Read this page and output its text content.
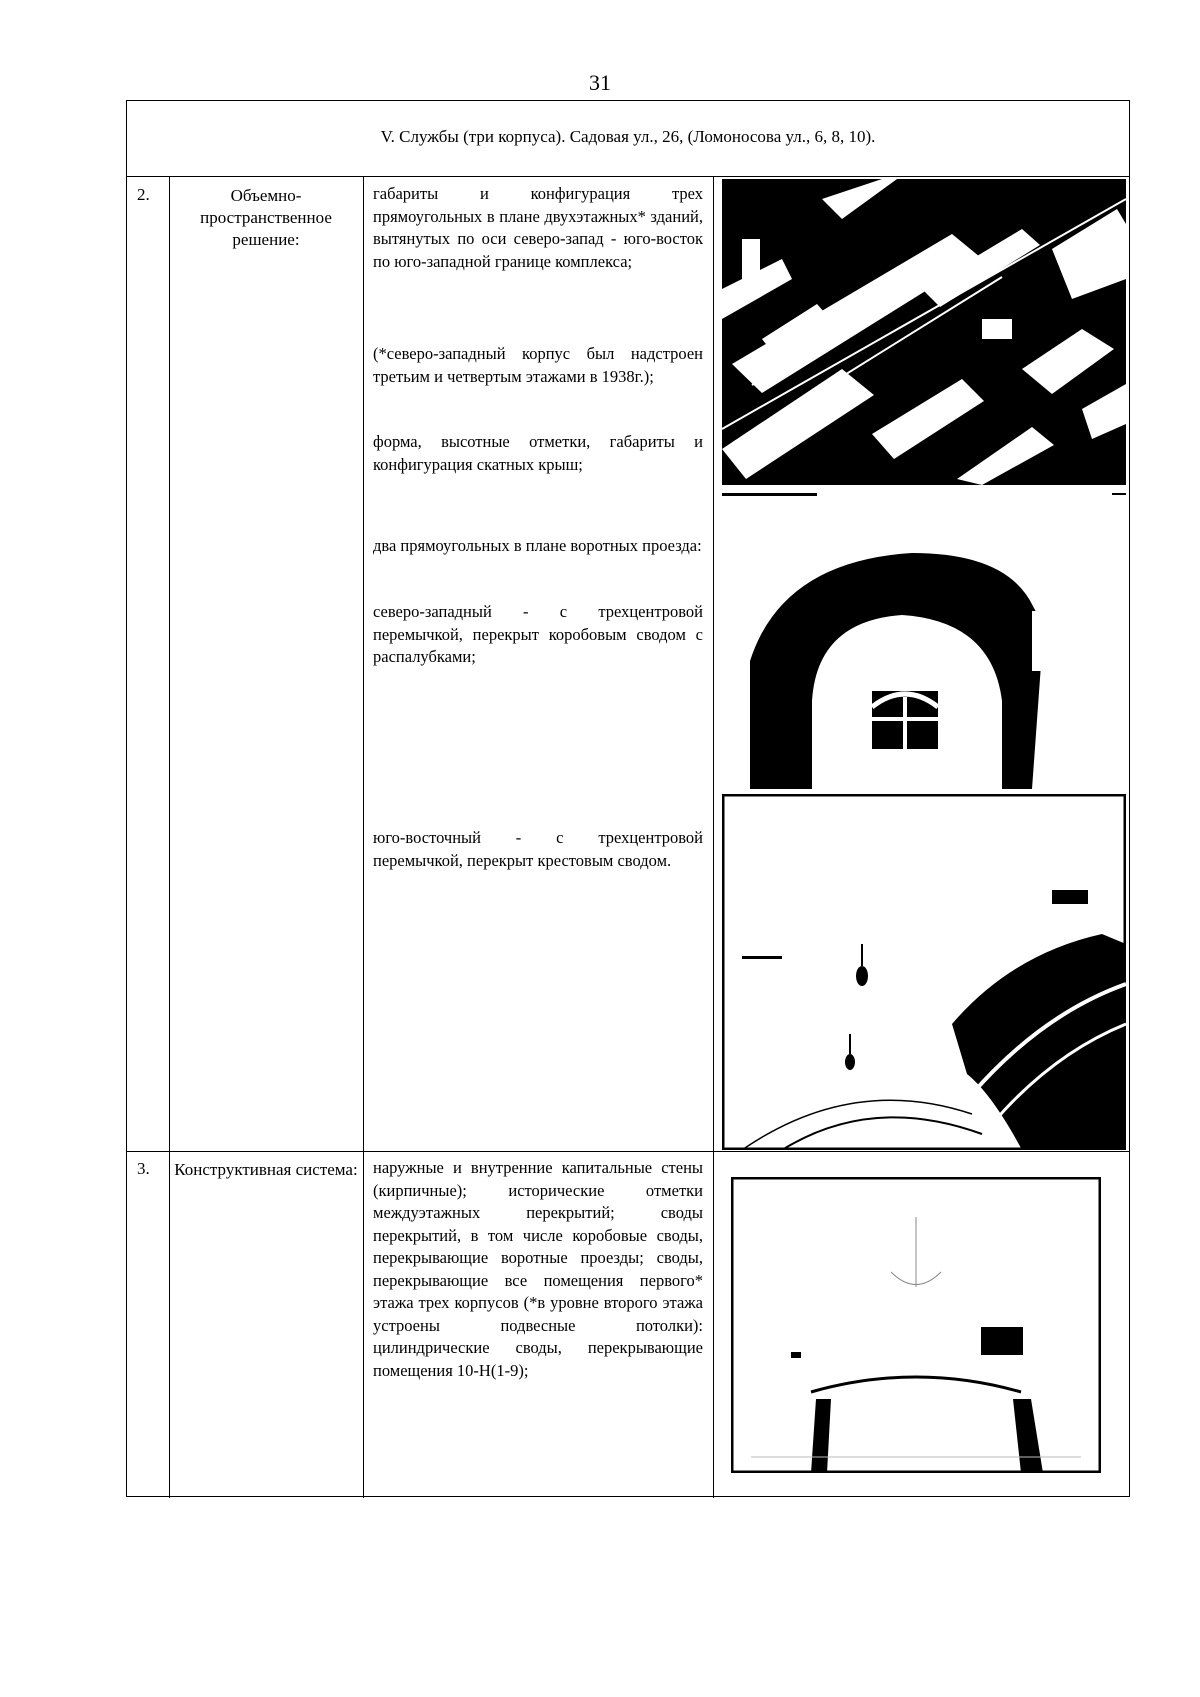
31
V. Службы (три корпуса). Садовая ул., 26, (Ломоносова ул., 6, 8, 10).
2.	Объемно-пространственное решение:
габариты и конфигурация трех прямоугольных в плане двухэтажных* зданий, вытянутых по оси северо-запад - юго-восток по юго-западной границе комплекса;
(*северо-западный корпус был надстроен третьим и четвертым этажами в 1938г.);
форма, высотные отметки, габариты и конфигурация скатных крыш;
два прямоугольных в плане воротных проезда:
северо-западный - с трехцентровой перемычкой, перекрыт коробовым сводом с распалубками;
юго-восточный - с трехцентровой перемычкой, перекрыт крестовым сводом.
3. Конструктивная система: наружные и внутренние капитальные стены (кирпичные); исторические отметки междуэтажных перекрытий; своды перекрытий, в том числе коробовые своды, перекрывающие воротные проезды; своды, перекрывающие все помещения первого* этажа трех корпусов (*в уровне второго этажа устроены подвесные потолки): цилиндрические своды, перекрывающие помещения 10-Н(1-9);
